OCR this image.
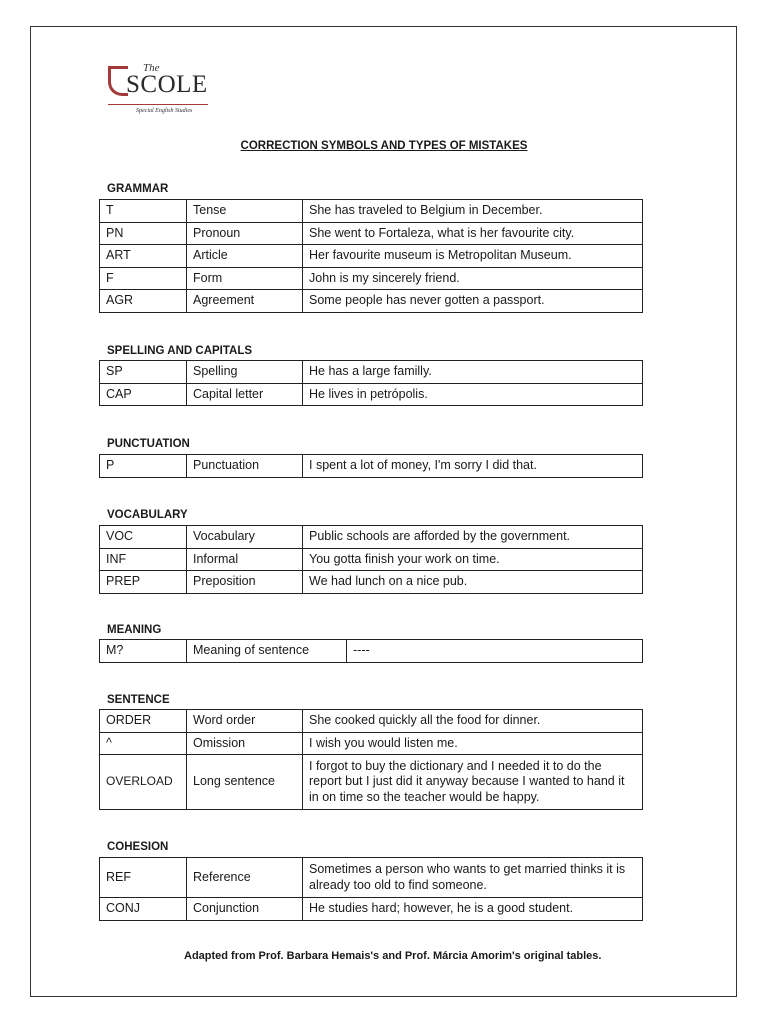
The
SCOLE
Special English Studies
CORRECTION SYMBOLS AND TYPES OF MISTAKES
GRAMMAR
T	Tense	She has traveled to Belgium in December.
PN	Pronoun	She went to Fortaleza, what is her favourite city.
ART	Article	Her favourite museum is Metropolitan Museum.
F	Form	John is my sincerely friend.
AGR	Agreement	Some people has never gotten a passport.
SPELLING AND CAPITALS
SP	Spelling	He has a large familly.
CAP	Capital letter	He lives in petrópolis.
PUNCTUATION
P	Punctuation	I spent a lot of money, I'm sorry I did that.
VOCABULARY
VOC	Vocabulary	Public schools are afforded by the government.
INF	Informal	You gotta finish your work on time.
PREP	Preposition	We had lunch on a nice pub.
MEANING
M?	Meaning of sentence	----
SENTENCE
ORDER	Word order	She cooked quickly all the food for dinner.
^	Omission	I wish you would listen me.
OVERLOAD	Long sentence	I forgot to buy the dictionary and I needed it to do the report but I just did it anyway because I wanted to hand it in on time so the teacher would be happy.
COHESION
REF	Reference	Sometimes a person who wants to get married thinks it is already too old to find someone.
CONJ	Conjunction	He studies hard; however, he is a good student.
Adapted from Prof. Barbara Hemais's and Prof. Márcia Amorim's original tables.
